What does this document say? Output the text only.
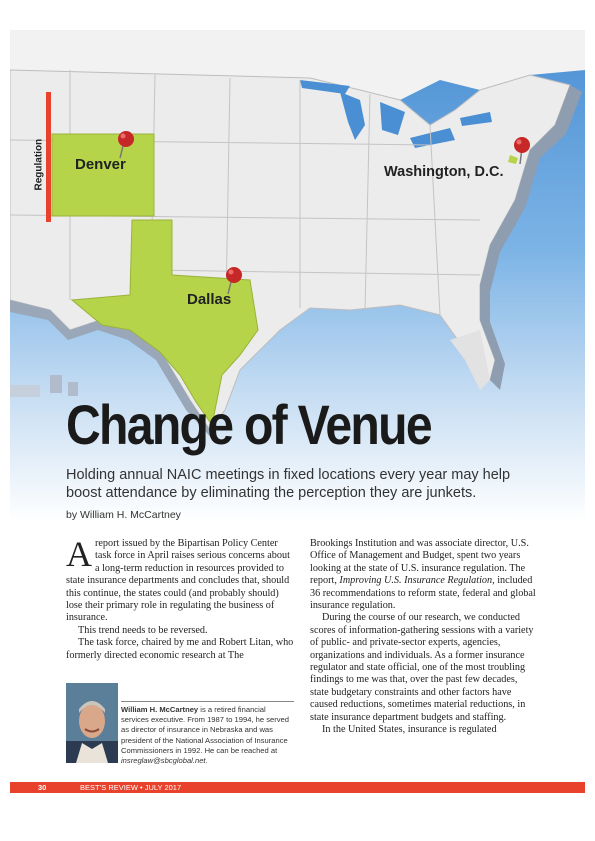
Denver
Dallas
Washington, D.C.
Regulation
Change of Venue
Holding annual NAIC meetings in fixed locations every year may help boost attendance by eliminating the perception they are junkets.
by William H. McCartney

Areport issued by the Bipartisan Policy Center task force in April raises serious concerns about a long-term reduction in resources provided to state insurance departments and concludes that, should this continue, the states could (and probably should) lose their primary role in regulating the business of insurance.

This trend needs to be reversed.

The task force, chaired by me and Robert Litan, who formerly directed economic research at The

Brookings Institution and was associate director, U.S. Office of Management and Budget, spent two years looking at the state of U.S. insurance regulation. The report, Improving U.S. Insurance Regulation, included 36 recommendations to reform state, federal and global insurance regulation.

During the course of our research, we conducted scores of information-gathering sessions with a variety of public- and private-sector experts, agencies, organizations and individuals. As a former insurance regulator and state official, one of the most troubling findings to me was that, over the past few decades, state budgetary constraints and other factors have caused reductions, sometimes material reductions, in state insurance department budgets and staffing.

In the United States, insurance is regulated

William H. McCartney is a retired financial services executive. From 1987 to 1994, he served as director of insurance in Nebraska and was president of the National Association of Insurance Commissioners in 1992. He can be reached at insreglaw@sbcglobal.net.
30	BEST’S REVIEW • JULY 2017
